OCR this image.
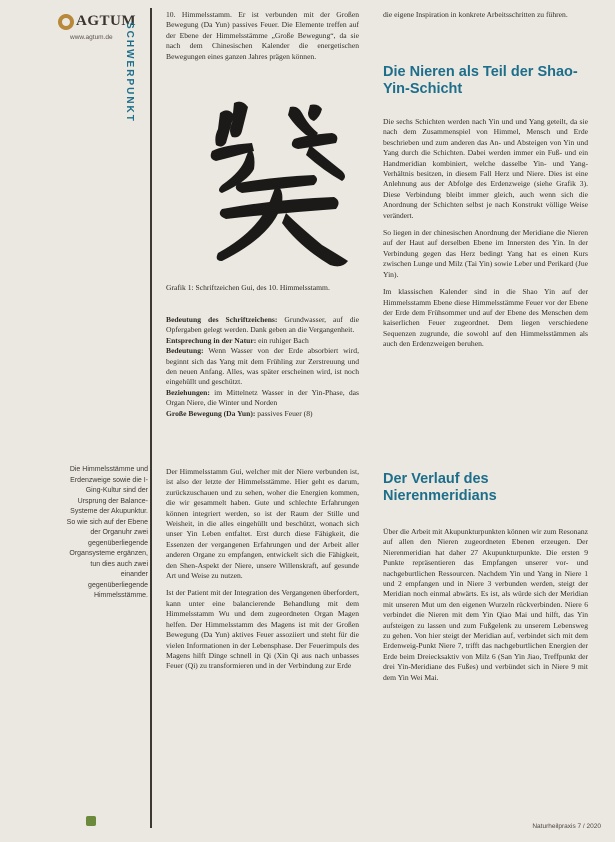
AGTUM
www.agtum.de SCHWERPUNKT
Die Himmelsstämme und Erdenzweige sowie die I-Ging-Kultur sind der Ursprung der Balance-Systeme der Akupunktur. So wie sich auf der Ebene der Organuhr zwei gegenüberliegende Organsysteme ergänzen, tun dies auch zwei einander gegenüberliegende Himmelsstämme.

10. Himmelsstamm. Er ist verbunden mit der Großen Bewegung (Da Yun) passives Feuer. Die Elemente treffen auf der Ebene der Himmelsstämme „Große Bewegung“, da sie nach dem Chinesischen Kalender die energetischen Bewegungen eines ganzen Jahres prägen können.

Grafik 1: Schriftzeichen Gui, des 10. Himmelsstamm.

Bedeutung des Schriftzeichens: Grundwasser, auf die Opfergaben gelegt werden. Dank geben an die Vergangenheit.

Entsprechung in der Natur: ein ruhiger Bach

Bedeutung: Wenn Wasser von der Erde absorbiert wird, beginnt sich das Yang mit dem Frühling zur Zerstreuung und den neuen Anfang. Alles, was später erscheinen wird, ist noch eingehüllt und geschützt.

Beziehungen: im Mittelnetz Wasser in der Yin-Phase, das Organ Niere, die Winter und Norden

Große Bewegung (Da Yun): passives Feuer (8)

Der Himmelsstamm Gui, welcher mit der Niere verbunden ist, ist also der letzte der Himmelsstämme. Hier geht es darum, zurückzuschauen und zu sehen, woher die Energien kommen, die wir gesammelt haben. Gute und schlechte Erfahrungen können integriert werden, so ist der Raum der Stille und Weisheit, in die alles eingehüllt und beschützt, wonach sich unser Yin Leben entfaltet. Erst durch diese Fähigkeit, die Essenzen der vergangenen Erfahrungen und der Arbeit aller anderen Organe zu empfangen, entwickelt sich die Fähigkeit, den Shen-Aspekt der Niere, unsere Willenskraft, auf gesunde Art und Weise zu nutzen.

Ist der Patient mit der Integration des Vergangenen überfordert, kann unter eine balancierende Behandlung mit dem Himmelsstamm Wu und dem zugeordneten Organ Magen helfen. Der Himmelsstamm des Magens ist mit der Großen Bewegung (Da Yun) aktives Feuer assoziiert und steht für die vielen Informationen in der Lebensphase. Der Feuerimpuls des Magens hilft Dinge schnell in Qi (Xin Qi aus nach unbasses Feuer (Qi) zu transformieren und in der Verbindung zur Erde

die eigene Inspiration in konkrete Arbeitsschritten zu führen.

Die Nieren als Teil der Shao-Yin-Schicht

Die sechs Schichten werden nach Yin und und Yang geteilt, da sie nach dem Zusammenspiel von Himmel, Mensch und Erde beschrieben und zum anderen das An- und Absteigen von Yin und Yang durch die Schichten. Dabei werden immer ein Fuß- und ein Handmeridian kombiniert, welche dasselbe Yin- und Yang-Verhältnis besitzen, in diesem Fall Herz und Niere. Dies ist eine Anlehnung aus der Abfolge des Erdenzweige (siehe Grafik 3). Diese Verbindung bleibt immer gleich, auch wenn sich die Anordnung der Schichten selbst je nach Konstrukt völlige Weise verändert.

So liegen in der chinesischen Anordnung der Meridiane die Nieren auf der Haut auf derselben Ebene im Innersten des Yin. In der Verbindung gegen das Herz bedingt Yang hat es einen Kurs zwischen Lunge und Milz (Tai Yin) sowie Leber und Perikard (Jue Yin).

Im klassischen Kalender sind in die Shao Yin auf der Himmelsstamm Ebene diese Himmelsstämme Feuer vor der Ebene der Erde dem Frühsommer und auf der Ebene des Menschen dem kaiserlichen Feuer zugeordnet. Dem liegen verschiedene Sequenzen zugrunde, die sowohl auf den Himmelsstämmen als auch den Erdenzweigen beruhen.

Der Verlauf des Nierenmeridians

Über die Arbeit mit Akupunkturpunkten können wir zum Resonanz auf allen den Nieren zugeordneten Ebenen erzeugen. Der Nierenmeridian hat daher 27 Akupunkturpunkte. Die ersten 9 Punkte repräsentieren das Empfangen unserer vor- und nachgeburtlichen Ressourcen. Nachdem Yin und Yang in Niere 1 und 2 empfangen und in Niere 3 verbunden werden, steigt der Meridian noch einmal abwärts. Es ist, als würde sich der Meridian mit unseren Mut um den eigenen Wurzeln rückverbinden. Niere 6 verbindet die Nieren mit dem Yin Qiao Mai und hilft, das Yin aufsteigen zu lassen und zum Fußgelenk zu unserem Lebensweg zu gehen. Von hier steigt der Meridian auf, verbindet sich mit dem Erdenweig-Punkt Niere 7, trifft das nachgeburtlichen Energien der Erde beim Dreiecksaktiv von Milz 6 (San Yin Jiao, Treffpunkt der drei Yin-Meridiane des Fußes) und verbündet sich in Niere 9 mit dem Yin Wei Mai.

Naturheilpraxis 7 / 2020
